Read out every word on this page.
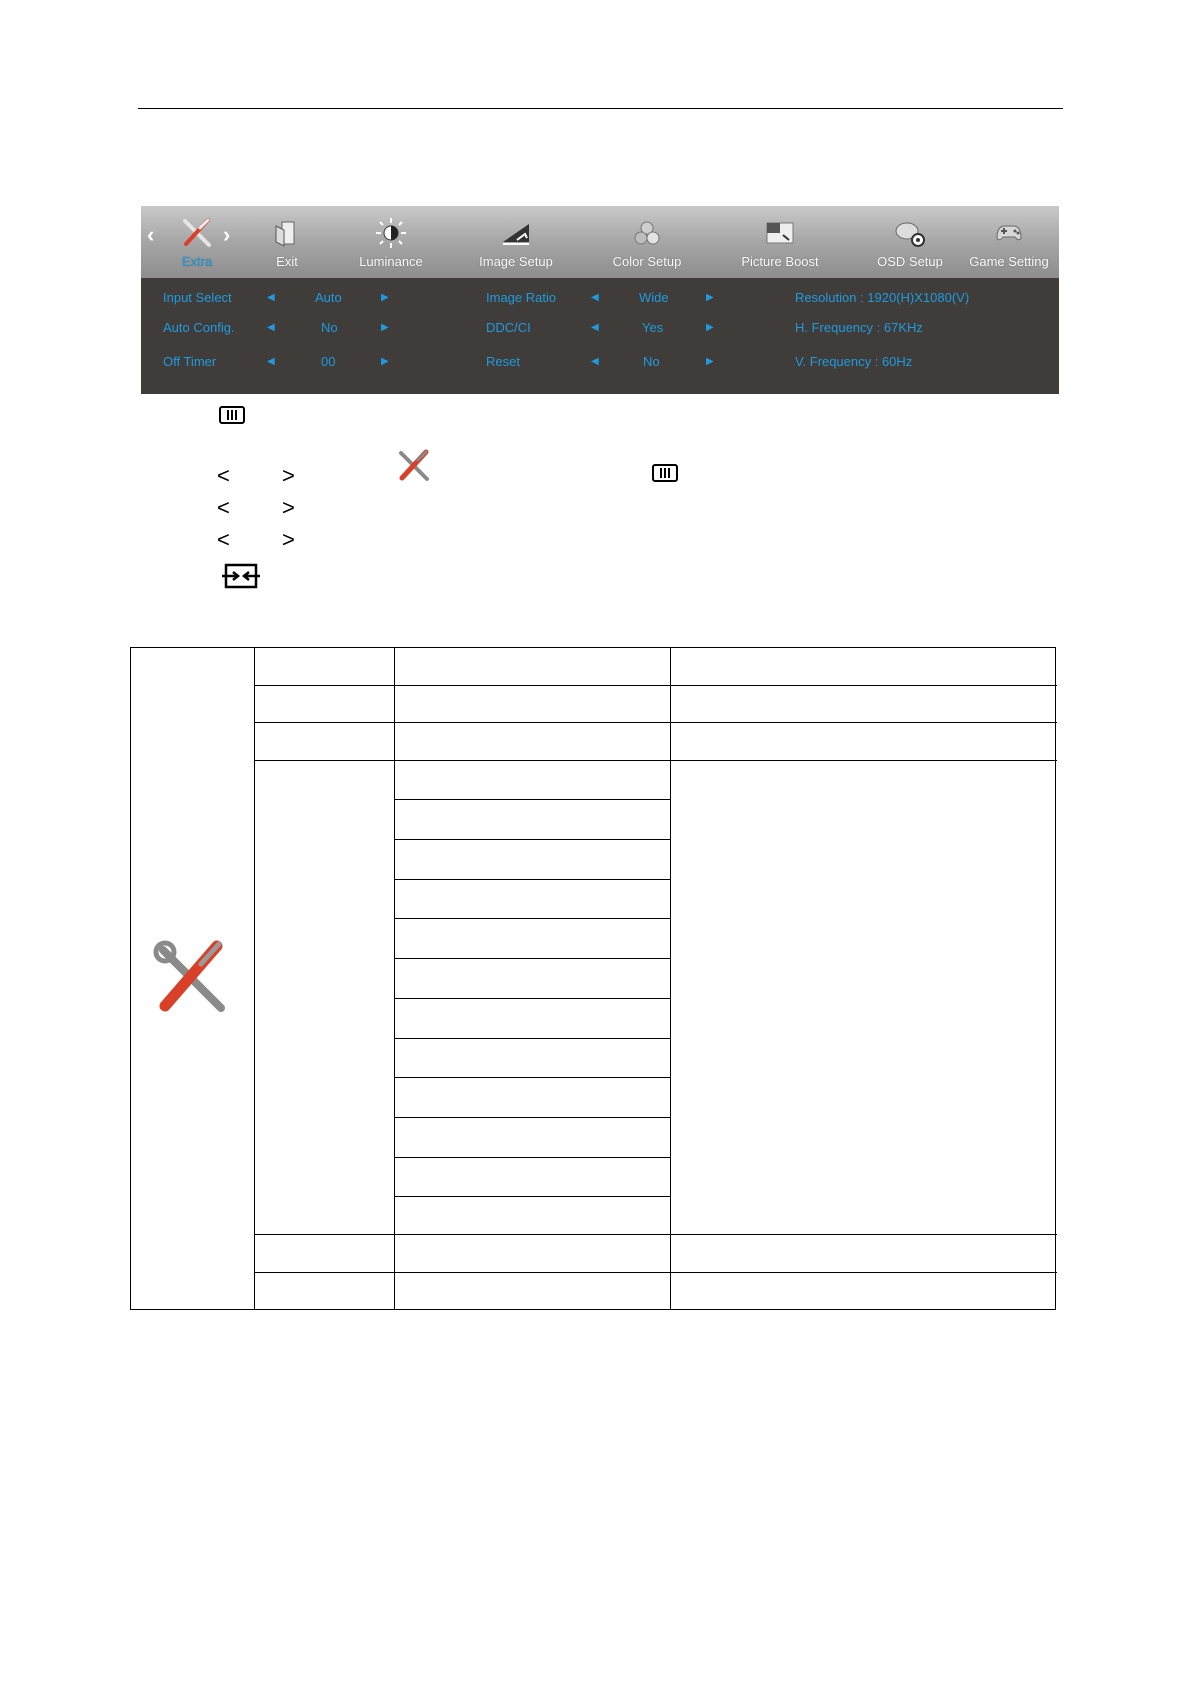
‹	›
Extra	Exit	Luminance	Image Setup	Color Setup	Picture Boost	OSD Setup	Game Setting
Input Select	◀	Auto	▶	Image Ratio	◀	Wide	▶	Resolution : 1920(H)X1080(V)
Auto Config.	◀	No	▶	DDC/CI	◀	Yes	▶	H. Frequency : 67KHz
Off Timer	◀	00	▶	Reset	◀	No	▶	V. Frequency : 60Hz
< >
< >
< >
